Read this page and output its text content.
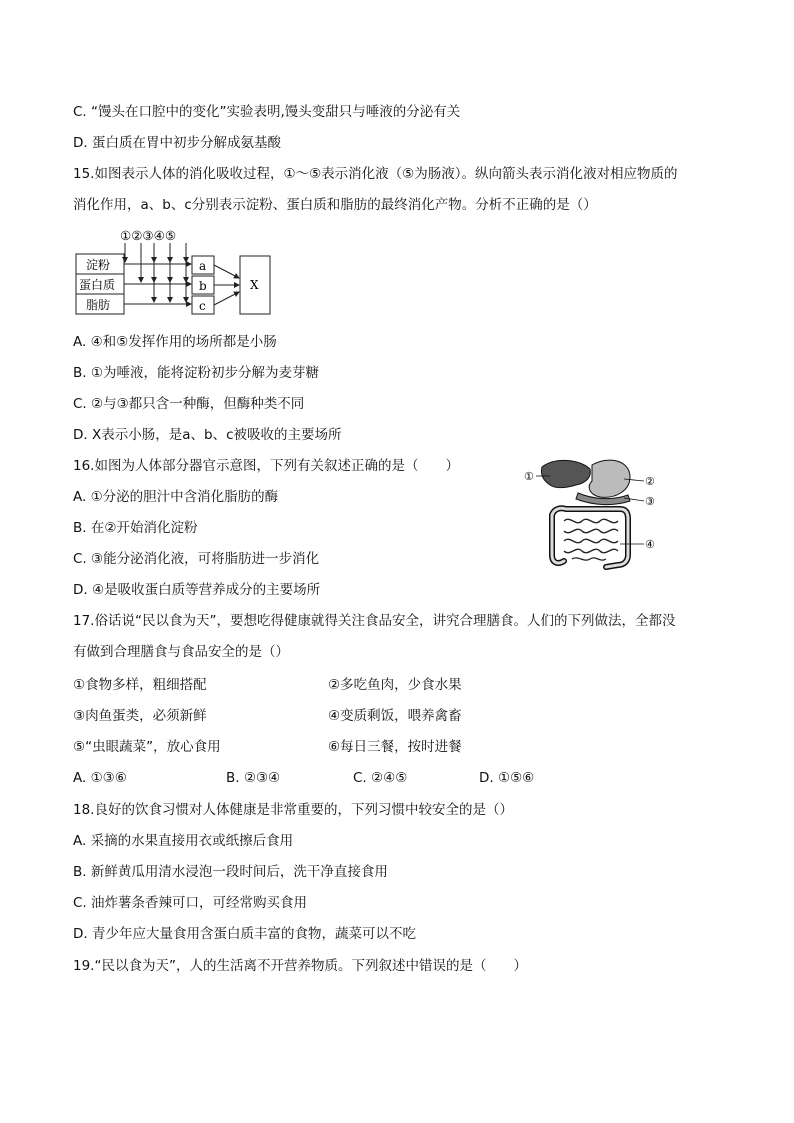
C. “馒头在口腔中的变化”实验表明,馒头变甜只与唾液的分泌有关
D. 蛋白质在胃中初步分解成氨基酸
15.如图表示人体的消化吸收过程，①～⑤表示消化液（⑤为肠液）。纵向箭头表示消化液对相应物质的
消化作用，a、b、c分别表示淀粉、蛋白质和脂肪的最终消化产物。分析不正确的是（）
①②③④⑤
淀粉
蛋白质
脂肪
a
b
c
X
A. ④和⑤发挥作用的场所都是小肠
B. ①为唾液，能将淀粉初步分解为麦芽糖
C. ②与③都只含一种酶，但酶种类不同
D. X表示小肠，是a、b、c被吸收的主要场所
16.如图为人体部分器官示意图，下列有关叙述正确的是（　　）
A. ①分泌的胆汁中含消化脂肪的酶
B. 在②开始消化淀粉
C. ③能分泌消化液，可将脂肪进一步消化
D. ④是吸收蛋白质等营养成分的主要场所
①	②
③
④
17.俗话说“民以食为天”，要想吃得健康就得关注食品安全，讲究合理膳食。人们的下列做法，全都没
有做到合理膳食与食品安全的是（）
①食物多样，粗细搭配	②多吃鱼肉，少食水果
③肉鱼蛋类，必须新鲜	④变质剩饭，喂养禽畜
⑤“虫眼蔬菜”，放心食用	⑥每日三餐，按时进餐
A. ①③⑥	B. ②③④	C. ②④⑤	D. ①⑤⑥
18.良好的饮食习惯对人体健康是非常重要的，下列习惯中较安全的是（）
A. 采摘的水果直接用衣或纸擦后食用
B. 新鲜黄瓜用清水浸泡一段时间后，洗干净直接食用
C. 油炸薯条香辣可口，可经常购买食用
D. 青少年应大量食用含蛋白质丰富的食物，蔬菜可以不吃
19.“民以食为天”，人的生活离不开营养物质。下列叙述中错误的是（　　）
